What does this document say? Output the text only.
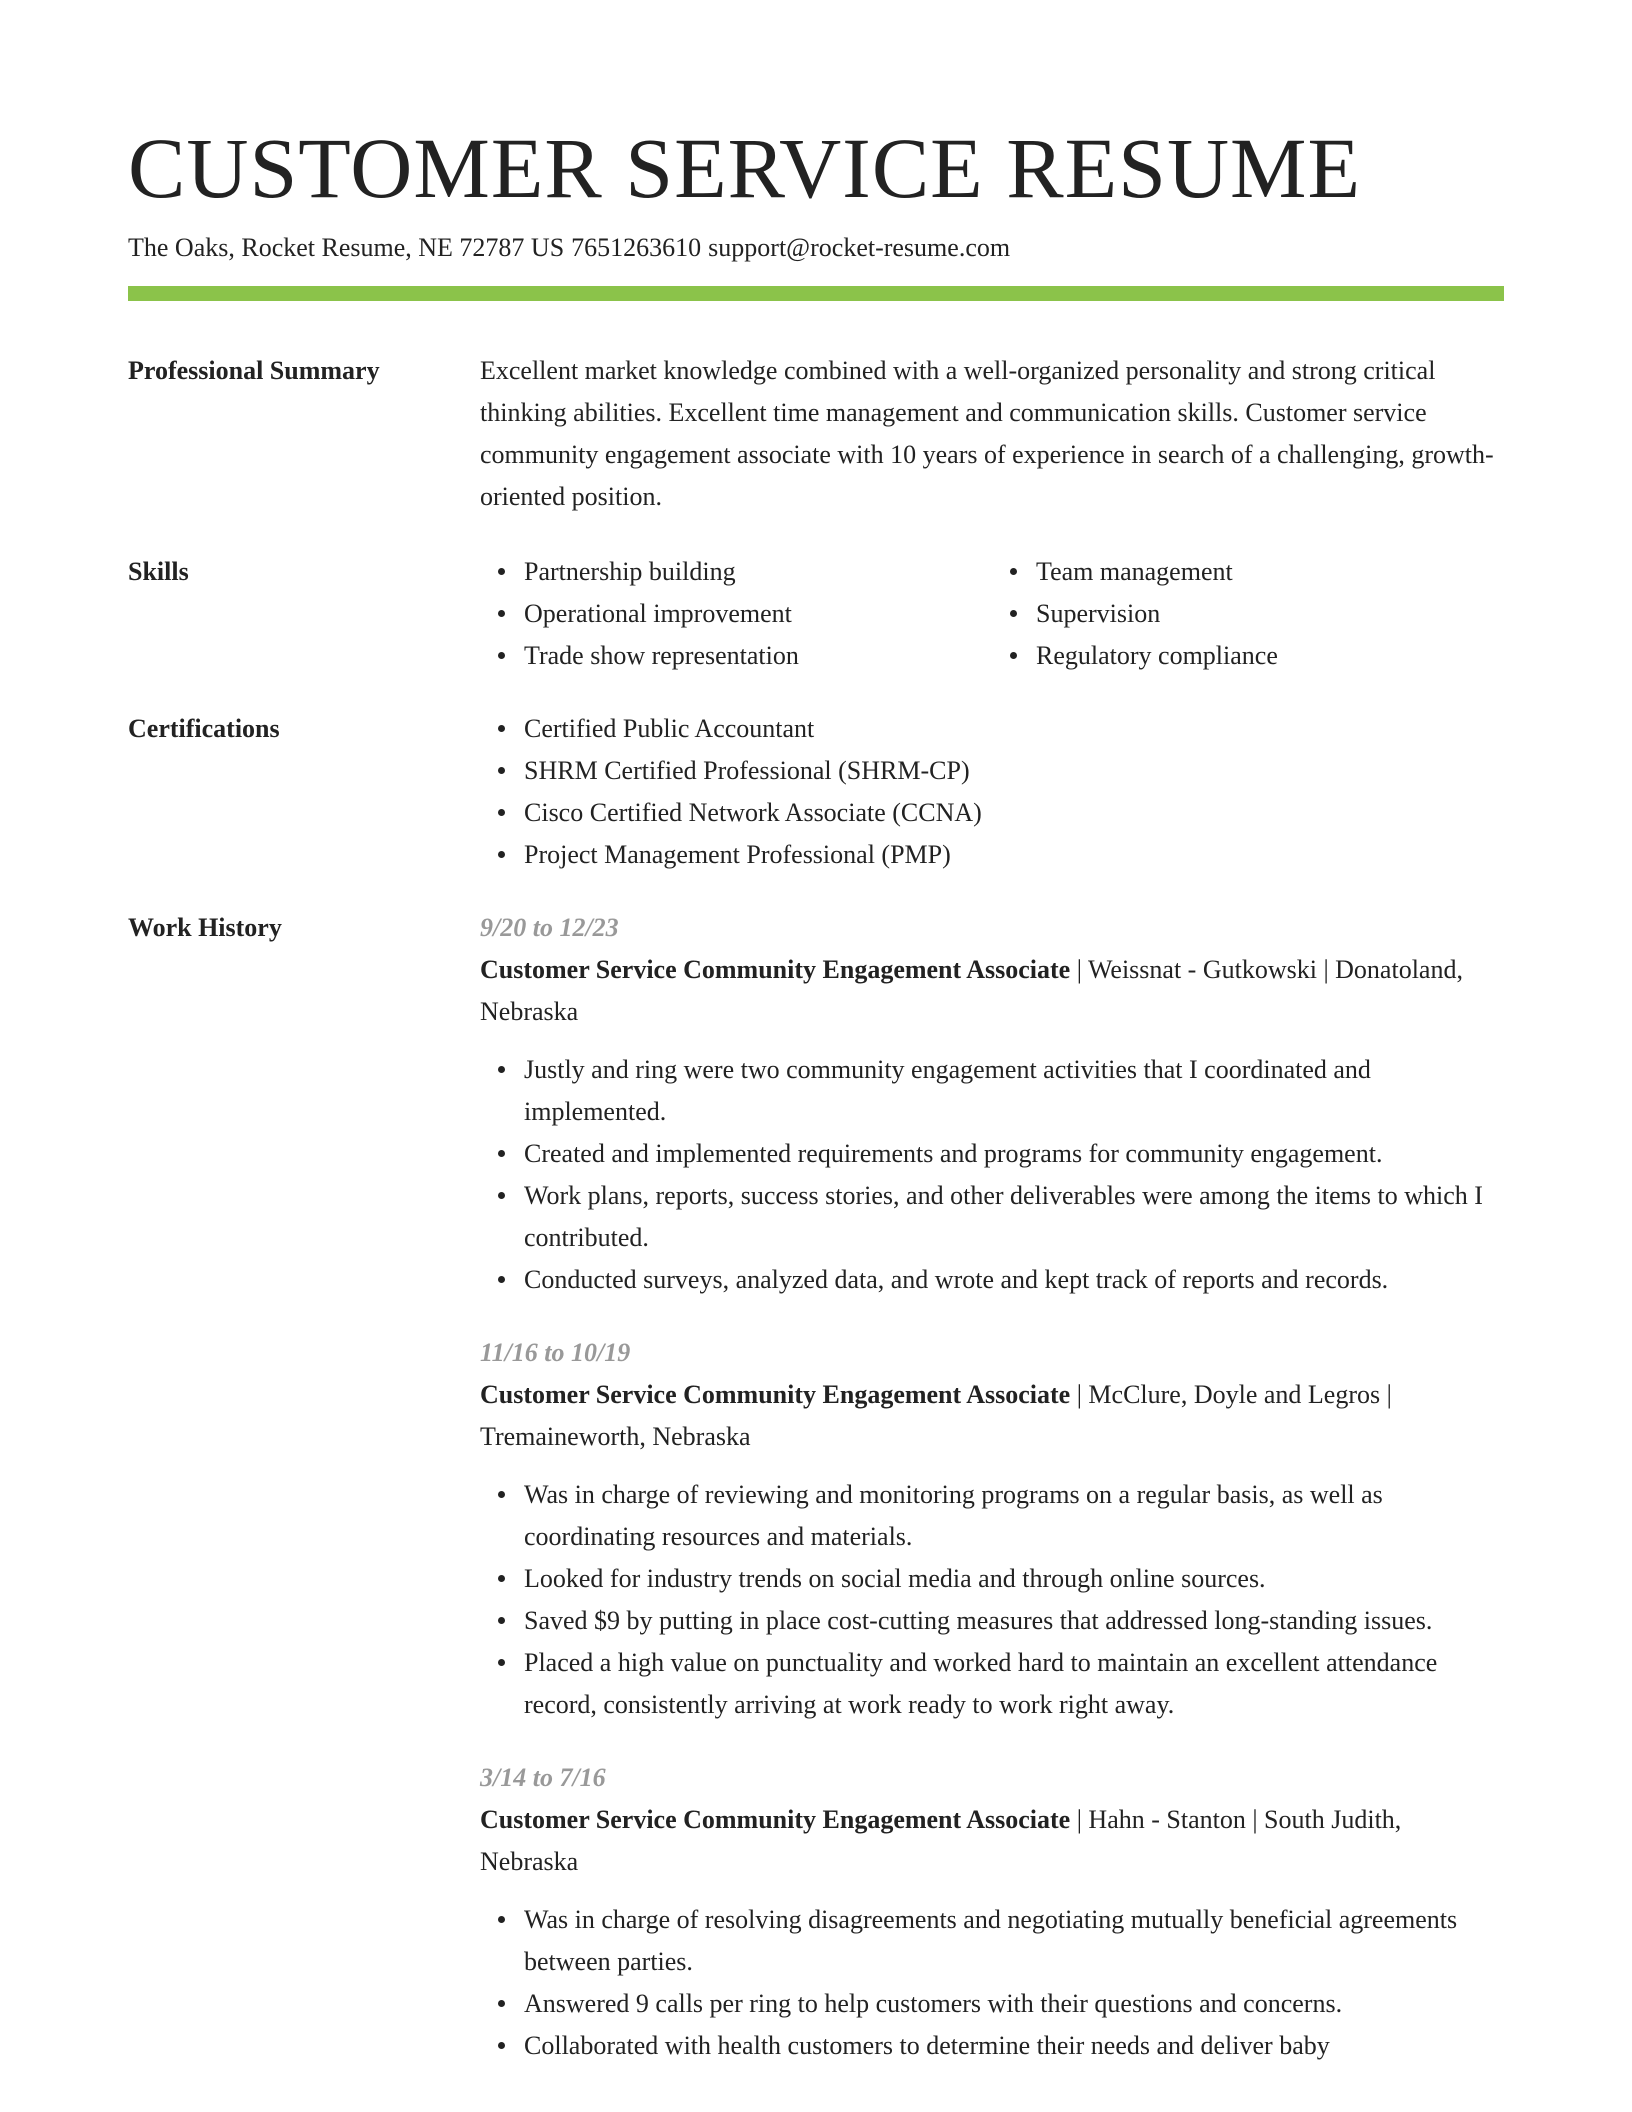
CUSTOMER SERVICE RESUME
The Oaks, Rocket Resume, NE 72787 US 7651263610 support@rocket-resume.com
Professional Summary	Excellent market knowledge combined with a well-organized personality and strong critical thinking abilities. Excellent time management and communication skills. Customer service community engagement associate with 10 years of experience in search of a challenging, growth-oriented position.
Skills	Partnership building
Operational improvement
Trade show representation
Team management
Supervision
Regulatory compliance
Certifications	Certified Public Accountant
SHRM Certified Professional (SHRM-CP)
Cisco Certified Network Associate (CCNA)
Project Management Professional (PMP)
Work History	9/20 to 12/23
Customer Service Community Engagement Associate | Weissnat - Gutkowski | Donatoland, Nebraska
Justly and ring were two community engagement activities that I coordinated and implemented.
Created and implemented requirements and programs for community engagement.
Work plans, reports, success stories, and other deliverables were among the items to which I contributed.
Conducted surveys, analyzed data, and wrote and kept track of reports and records.
11/16 to 10/19
Customer Service Community Engagement Associate | McClure, Doyle and Legros | Tremaineworth, Nebraska
Was in charge of reviewing and monitoring programs on a regular basis, as well as coordinating resources and materials.
Looked for industry trends on social media and through online sources.
Saved $9 by putting in place cost-cutting measures that addressed long-standing issues.
Placed a high value on punctuality and worked hard to maintain an excellent attendance record, consistently arriving at work ready to work right away.
3/14 to 7/16
Customer Service Community Engagement Associate | Hahn - Stanton | South Judith, Nebraska
Was in charge of resolving disagreements and negotiating mutually beneficial agreements between parties.
Answered 9 calls per ring to help customers with their questions and concerns.
Collaborated with health customers to determine their needs and deliver baby
